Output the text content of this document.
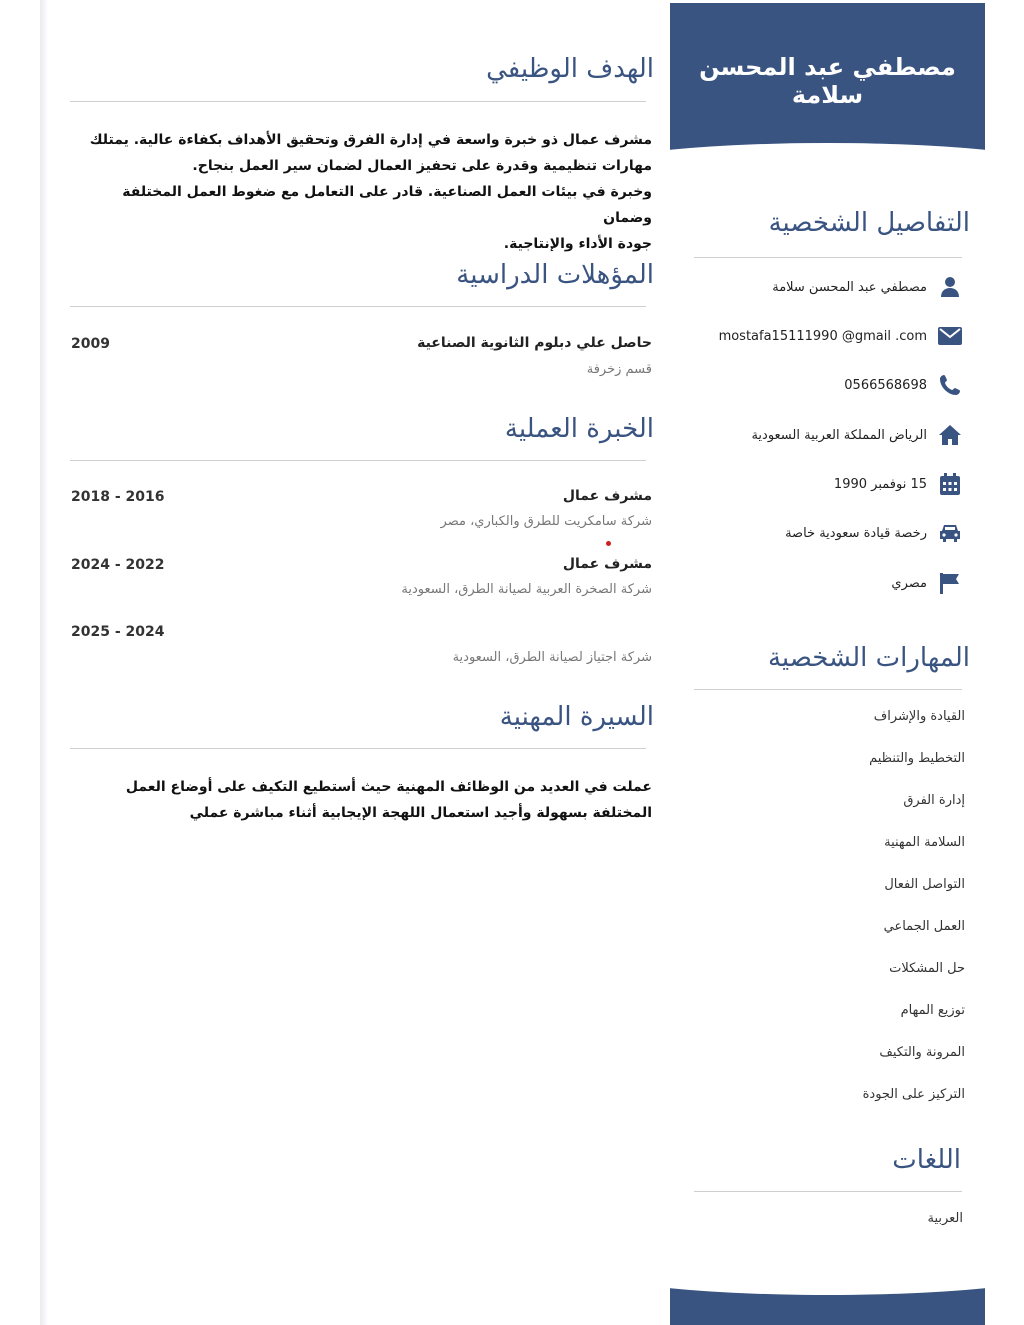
مصطفي عبد المحسن سلامة
التفاصيل الشخصية
مصطفي عبد المحسن سلامة
mostafa15111990 @gmail .com
0566568698
الرياض المملكة العربية السعودية
15 نوفمبر 1990
رخصة قيادة سعودية خاصة
مصري
المهارات الشخصية
القيادة والإشراف
التخطيط والتنظيم
إدارة الفرق
السلامة المهنية
التواصل الفعال
العمل الجماعي
حل المشكلات
توزيع المهام
المرونة والتكيف
التركيز على الجودة
اللغات
العربية
الهدف الوظيفي

مشرف عمال ذو خبرة واسعة في إدارة الفرق وتحقيق الأهداف بكفاءة عالية. يمتلك

مهارات تنظيمية وقدرة على تحفيز العمال لضمان سير العمل بنجاح.

وخبرة في بيئات العمل الصناعية. قادر على التعامل مع ضغوط العمل المختلفة وضمان

جودة الأداء والإنتاجية.

المؤهلات الدراسية
حاصل علي دبلوم الثانوية الصناعية
قسم زخرفة
2009
الخبرة العملية
مشرف عمال
شركة سامكريت للطرق والكباري، مصر
2018 - 2016
مشرف عمال
شركة الصخرة العربية لصيانة الطرق، السعودية
2024 - 2022
شركة اجتياز لصيانة الطرق، السعودية
2025 - 2024
السيرة المهنية

عملت في العديد من الوظائف المهنية حيث أستطيع التكيف على أوضاع العمل

المختلفة بسهولة وأجيد استعمال اللهجة الإيجابية أثناء مباشرة عملي
